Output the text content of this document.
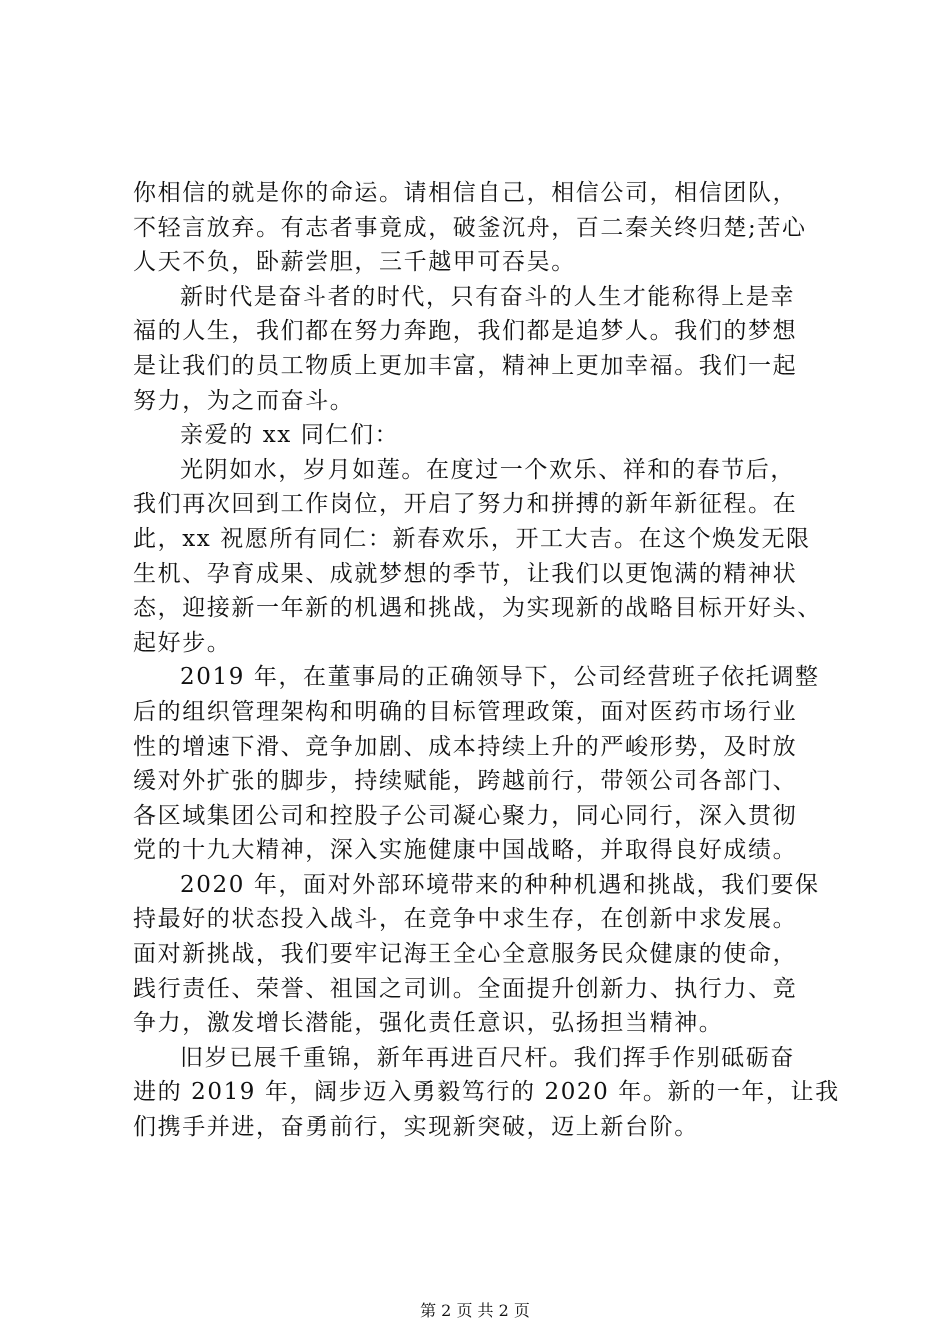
你相信的就是你的命运。请相信自己，相信公司，相信团队，
不轻言放弃。有志者事竟成，破釜沉舟，百二秦关终归楚;苦心
人天不负，卧薪尝胆，三千越甲可吞吴。
新时代是奋斗者的时代，只有奋斗的人生才能称得上是幸
福的人生，我们都在努力奔跑，我们都是追梦人。我们的梦想
是让我们的员工物质上更加丰富，精神上更加幸福。我们一起
努力，为之而奋斗。
亲爱的 xx 同仁们：
光阴如水，岁月如莲。在度过一个欢乐、祥和的春节后，
我们再次回到工作岗位，开启了努力和拼搏的新年新征程。在
此，xx 祝愿所有同仁：新春欢乐，开工大吉。在这个焕发无限
生机、孕育成果、成就梦想的季节，让我们以更饱满的精神状
态，迎接新一年新的机遇和挑战，为实现新的战略目标开好头、
起好步。
2019 年，在董事局的正确领导下，公司经营班子依托调整
后的组织管理架构和明确的目标管理政策，面对医药市场行业
性的增速下滑、竞争加剧、成本持续上升的严峻形势，及时放
缓对外扩张的脚步，持续赋能，跨越前行，带领公司各部门、
各区域集团公司和控股子公司凝心聚力，同心同行，深入贯彻
党的十九大精神，深入实施健康中国战略，并取得良好成绩。
2020 年，面对外部环境带来的种种机遇和挑战，我们要保
持最好的状态投入战斗，在竞争中求生存，在创新中求发展。
面对新挑战，我们要牢记海王全心全意服务民众健康的使命，
践行责任、荣誉、祖国之司训。全面提升创新力、执行力、竞
争力，激发增长潜能，强化责任意识，弘扬担当精神。
旧岁已展千重锦，新年再进百尺杆。我们挥手作别砥砺奋
进的 2019 年，阔步迈入勇毅笃行的 2020 年。新的一年，让我
们携手并进，奋勇前行，实现新突破，迈上新台阶。
第 2 页 共 2 页
